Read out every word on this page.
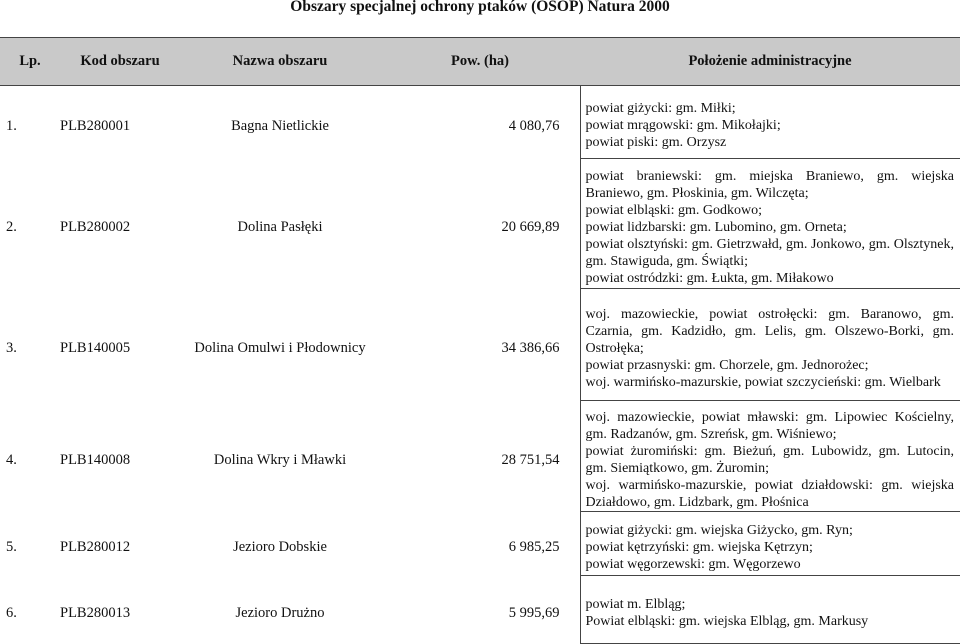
Obszary specjalnej ochrony ptaków (OSOP) Natura 2000
Lp.	Kod obszaru	Nazwa obszaru	Pow. (ha)	Położenie administracyjne

1.	PLB280001	Bagna Nietlickie	4 080,76	powiat giżycki: gm. Miłki;
powiat mrągowski: gm. Mikołajki;
powiat piski: gm. Orzysz

2.	PLB280002	Dolina Pasłęki	20 669,89	powiat braniewski: gm. miejska Braniewo, gm. wiejska Braniewo, gm. Płoskinia, gm. Wilczęta;
powiat elbląski: gm. Godkowo;
powiat lidzbarski: gm. Lubomino, gm. Orneta;
powiat olsztyński: gm. Gietrzwałd, gm. Jonkowo, gm. Olsztynek, gm. Stawiguda, gm. Świątki;
powiat ostródzki: gm. Łukta, gm. Miłakowo

3.	PLB140005	Dolina Omulwi i Płodownicy	34 386,66	woj. mazowieckie, powiat ostrołęcki: gm. Baranowo, gm. Czarnia, gm. Kadzidło, gm. Lelis, gm. Olszewo-Borki, gm. Ostrołęka;
powiat przasnyski: gm. Chorzele, gm. Jednorożec;
woj. warmińsko-mazurskie, powiat szczycieński: gm. Wielbark

4.	PLB140008	Dolina Wkry i Mławki	28 751,54	woj. mazowieckie, powiat mławski: gm. Lipowiec Kościelny, gm. Radzanów, gm. Szreńsk, gm. Wiśniewo;
powiat żuromiński: gm. Bieżuń, gm. Lubowidz, gm. Lutocin, gm. Siemiątkowo, gm. Żuromin;
woj. warmińsko-mazurskie, powiat działdowski: gm. wiejska Działdowo, gm. Lidzbark, gm. Płośnica

5.	PLB280012	Jezioro Dobskie	6 985,25	powiat giżycki: gm. wiejska Giżycko, gm. Ryn;
powiat kętrzyński: gm. wiejska Kętrzyn;
powiat węgorzewski: gm. Węgorzewo

6.	PLB280013	Jezioro Drużno	5 995,69	powiat m. Elbląg;
Powiat elbląski: gm. wiejska Elbląg, gm. Markusy
